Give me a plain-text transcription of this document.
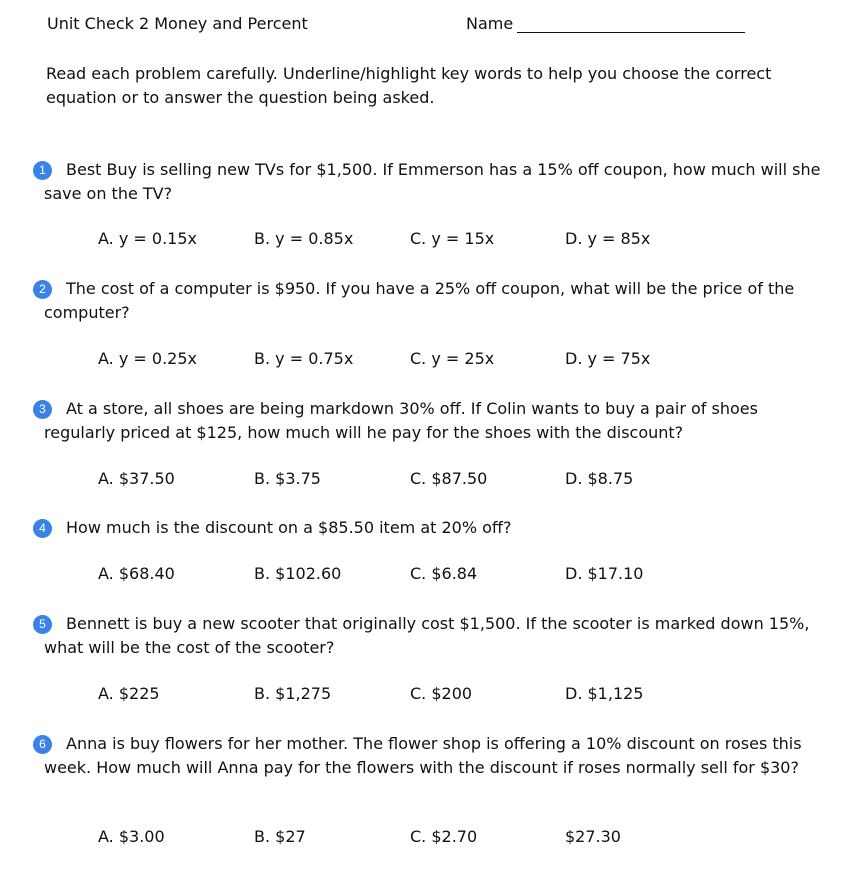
Unit Check 2 Money and Percent	Name
Read each problem carefully. Underline/highlight key words to help you choose the correct equation or to answer the question being asked.
1	Best Buy is selling new TVs for $1,500. If Emmerson has a 15% off coupon, how much will she save on the TV?
A. y = 0.15x	B. y = 0.85x	C. y = 15x	D. y = 85x
2	The cost of a computer is $950. If you have a 25% off coupon, what will be the price of the computer?
A. y = 0.25x	B. y = 0.75x	C. y = 25x	D. y = 75x
3	At a store, all shoes are being markdown 30% off. If Colin wants to buy a pair of shoes regularly priced at $125, how much will he pay for the shoes with the discount?
A. $37.50	B. $3.75	C. $87.50	D. $8.75
4	How much is the discount on a $85.50 item at 20% off?
A. $68.40	B. $102.60	C. $6.84	D. $17.10
5	Bennett is buy a new scooter that originally cost $1,500. If the scooter is marked down 15%, what will be the cost of the scooter?
A. $225	B. $1,275	C. $200	D. $1,125
6	Anna is buy flowers for her mother. The flower shop is offering a 10% discount on roses this week. How much will Anna pay for the flowers with the discount if roses normally sell for $30?
A. $3.00	B. $27	C. $2.70	$27.30
